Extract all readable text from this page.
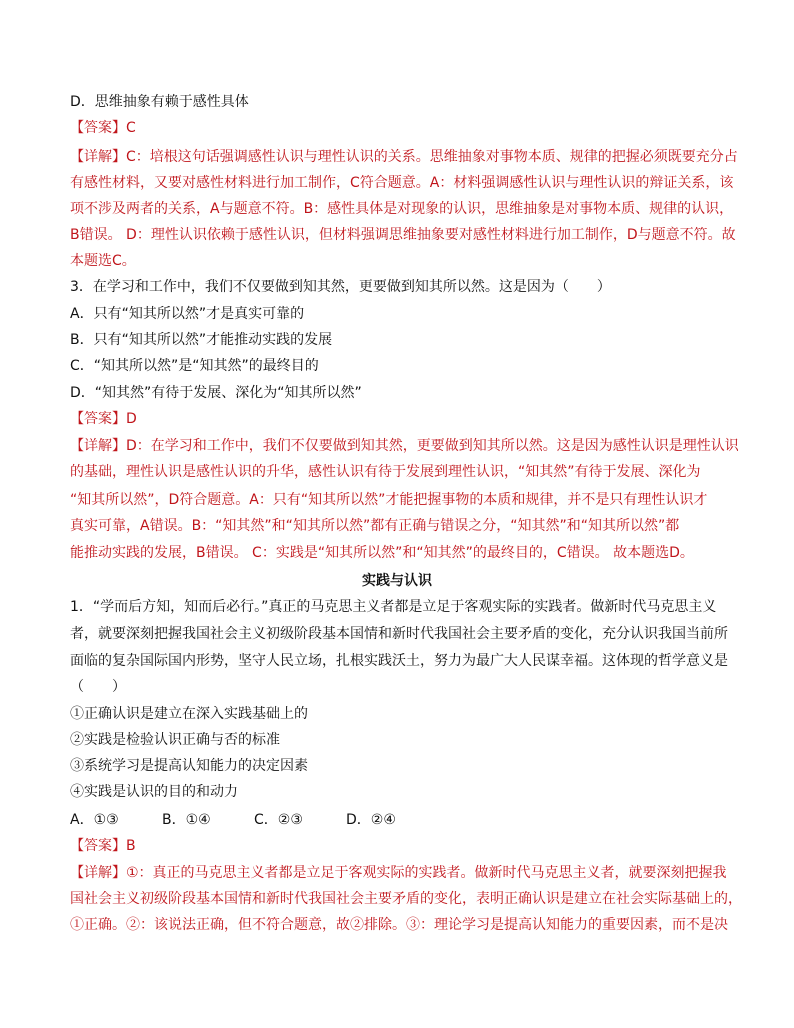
D．思维抽象有赖于感性具体
【答案】C
【详解】C：培根这句话强调感性认识与理性认识的关系。思维抽象对事物本质、规律的把握必须既要充分占
有感性材料，又要对感性材料进行加工制作，C符合题意。A：材料强调感性认识与理性认识的辩证关系，该
项不涉及两者的关系，A与题意不符。B：感性具体是对现象的认识，思维抽象是对事物本质、规律的认识，
B错误。 D：理性认识依赖于感性认识，但材料强调思维抽象要对感性材料进行加工制作，D与题意不符。故
本题选C。
3．在学习和工作中，我们不仅要做到知其然，更要做到知其所以然。这是因为（　　）
A．只有“知其所以然”才是真实可靠的
B．只有“知其所以然”才能推动实践的发展
C．“知其所以然”是“知其然”的最终目的
D．“知其然”有待于发展、深化为“知其所以然”
【答案】D
【详解】D：在学习和工作中，我们不仅要做到知其然，更要做到知其所以然。这是因为感性认识是理性认识
的基础，理性认识是感性认识的升华，感性认识有待于发展到理性认识，“知其然”有待于发展、深化为
“知其所以然”，D符合题意。A：只有“知其所以然”才能把握事物的本质和规律，并不是只有理性认识才
真实可靠，A错误。B：“知其然”和“知其所以然”都有正确与错误之分，“知其然”和“知其所以然”都
能推动实践的发展，B错误。 C：实践是“知其所以然”和“知其然”的最终目的，C错误。 故本题选D。
实践与认识
1．“学而后方知，知而后必行。”真正的马克思主义者都是立足于客观实际的实践者。做新时代马克思主义
者，就要深刻把握我国社会主义初级阶段基本国情和新时代我国社会主要矛盾的变化，充分认识我国当前所
面临的复杂国际国内形势，坚守人民立场，扎根实践沃土，努力为最广大人民谋幸福。这体现的哲学意义是
（　　）
①正确认识是建立在深入实践基础上的
②实践是检验认识正确与否的标准
③系统学习是提高认知能力的决定因素
④实践是认识的目的和动力
A．①③	B．①④	C．②③	D．②④
【答案】B
【详解】①：真正的马克思主义者都是立足于客观实际的实践者。做新时代马克思主义者，就要深刻把握我
国社会主义初级阶段基本国情和新时代我国社会主要矛盾的变化，表明正确认识是建立在社会实际基础上的，
①正确。②：该说法正确，但不符合题意，故②排除。③：理论学习是提高认知能力的重要因素，而不是决
